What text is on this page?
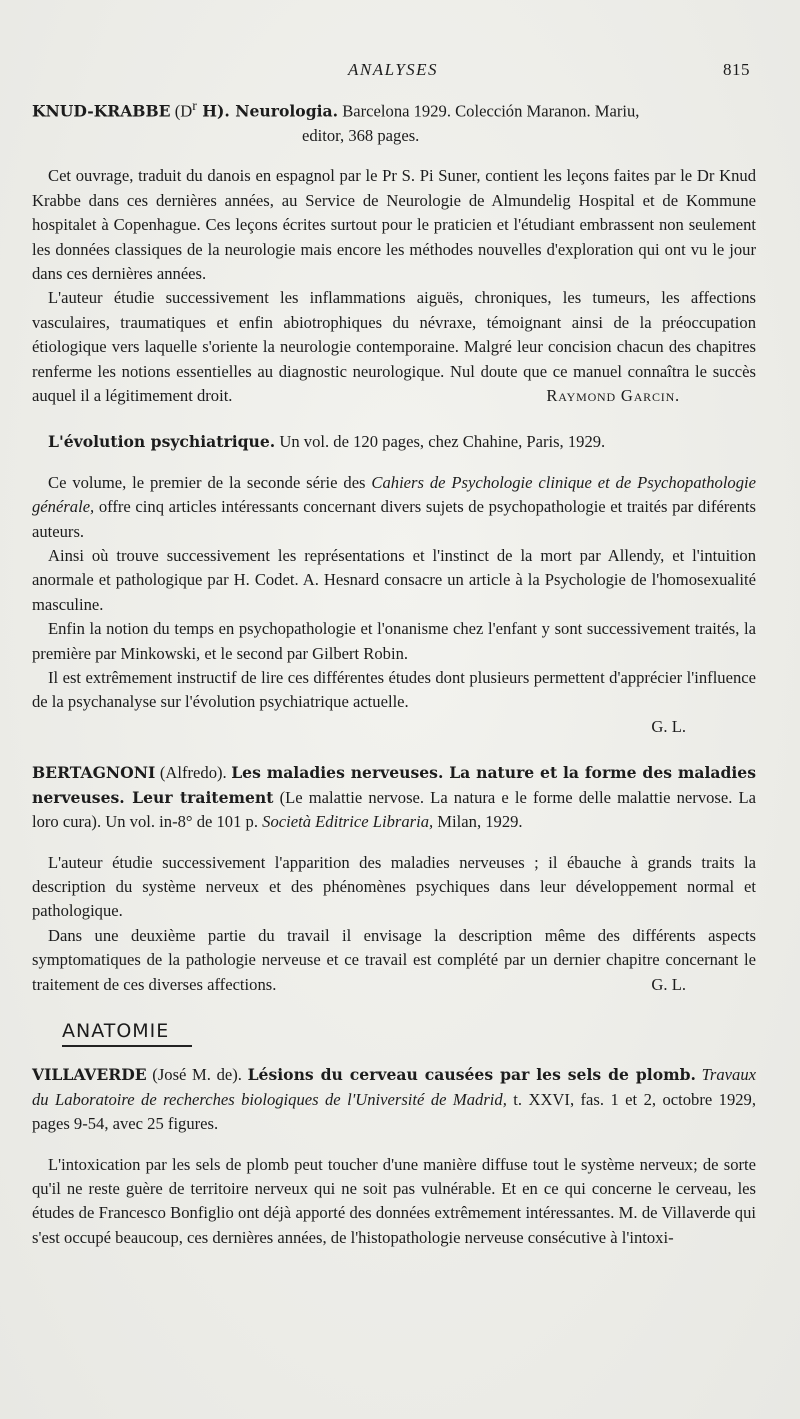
ANALYSES	815

KNUD-KRABBE ($D^r$ H). Neurologia. Barcelona 1929. Colección Maranon. Mariu,
editor, 368 pages.

Cet ouvrage, traduit du danois en espagnol par le Pr S. Pi Suner, contient les leçons faites par le Dr Knud Krabbe dans ces dernières années, au Service de Neurologie de Almundelig Hospital et de Kommune hospitalet à Copenhague. Ces leçons écrites surtout pour le praticien et l'étudiant embrassent non seulement les données classiques de la neurologie mais encore les méthodes nouvelles d'exploration qui ont vu le jour dans ces dernières années.

L'auteur étudie successivement les inflammations aiguës, chroniques, les tumeurs, les affections vasculaires, traumatiques et enfin abiotrophiques du névraxe, témoignant ainsi de la préoccupation étiologique vers laquelle s'oriente la neurologie contemporaine. Malgré leur concision chacun des chapitres renferme les notions essentielles au diagnostic neurologique. Nul doute que ce manuel connaîtra le succès auquel il a légitimement droit.	Raymond Garcin.

L'évolution psychiatrique. Un vol. de 120 pages, chez Chahine, Paris, 1929.

Ce volume, le premier de la seconde série des Cahiers de Psychologie clinique et de Psychopathologie générale, offre cinq articles intéressants concernant divers sujets de psychopathologie et traités par diférents auteurs.

Ainsi où trouve successivement les représentations et l'instinct de la mort par Allendy, et l'intuition anormale et pathologique par H. Codet. A. Hesnard consacre un article à la Psychologie de l'homosexualité masculine.

Enfin la notion du temps en psychopathologie et l'onanisme chez l'enfant y sont successivement traités, la première par Minkowski, et le second par Gilbert Robin.

Il est extrêmement instructif de lire ces différentes études dont plusieurs permettent d'apprécier l'influence de la psychanalyse sur l'évolution psychiatrique actuelle.

G. L.

BERTAGNONI (Alfredo). Les maladies nerveuses. La nature et la forme des maladies nerveuses. Leur traitement (Le malattie nervose. La natura e le forme delle malattie nervose. La loro cura). Un vol. in-8° de 101 p. Società Editrice Libraria, Milan, 1929.

L'auteur étudie successivement l'apparition des maladies nerveuses ; il ébauche à grands traits la description du système nerveux et des phénomènes psychiques dans leur développement normal et pathologique.

Dans une deuxième partie du travail il envisage la description même des différents aspects symptomatiques de la pathologie nerveuse et ce travail est complété par un dernier chapitre concernant le traitement de ces diverses affections.	G. L.

ANATOMIE

VILLAVERDE (José M. de). Lésions du cerveau causées par les sels de plomb. Travaux du Laboratoire de recherches biologiques de l'Université de Madrid, t. XXVI, fas. 1 et 2, octobre 1929, pages 9-54, avec 25 figures.

L'intoxication par les sels de plomb peut toucher d'une manière diffuse tout le système nerveux; de sorte qu'il ne reste guère de territoire nerveux qui ne soit pas vulnérable. Et en ce qui concerne le cerveau, les études de Francesco Bonfiglio ont déjà apporté des données extrêmement intéressantes. M. de Villaverde qui s'est occupé beaucoup, ces dernières années, de l'histopathologie nerveuse consécutive à l'intoxi-
